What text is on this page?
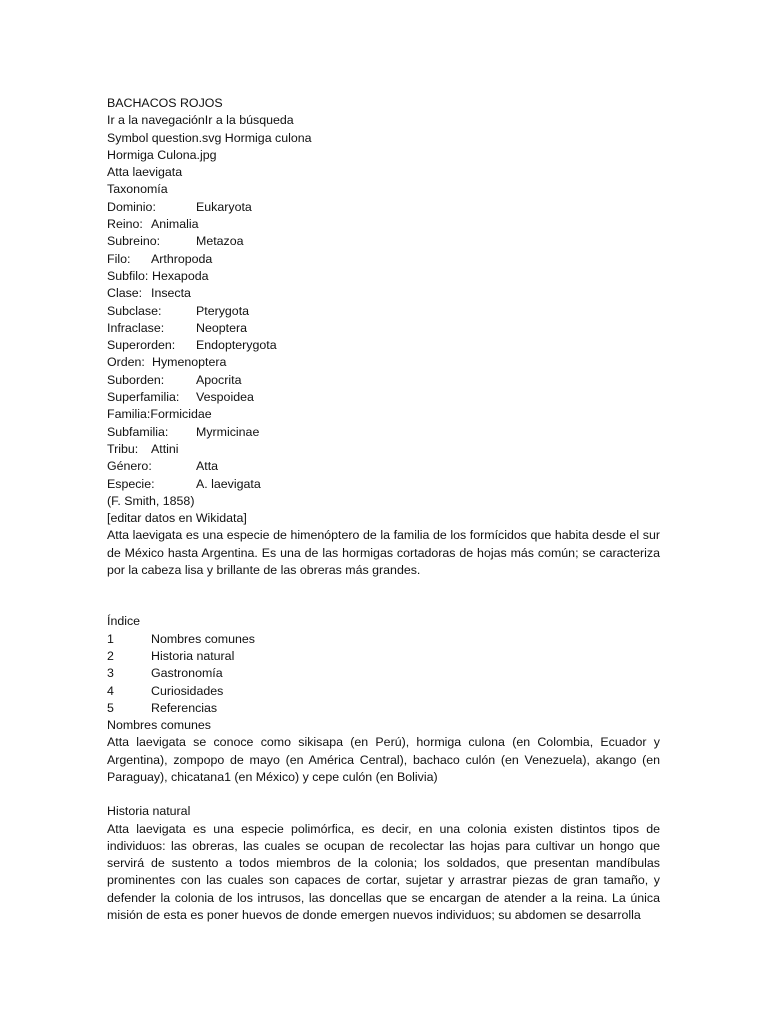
BACHACOS ROJOS
Ir a la navegaciónIr a la búsqueda
Symbol question.svg Hormiga culona
Hormiga Culona.jpg
Atta laevigata
Taxonomía
Dominio:	Eukaryota
Reino: Animalia
Subreino:	Metazoa
Filo:	Arthropoda
Subfilo: Hexapoda
Clase: Insecta
Subclase:	Pterygota
Infraclase:	Neoptera
Superorden:	Endopterygota
Orden: Hymenoptera
Suborden:	Apocrita
Superfamilia:	Vespoidea
Familia: Formicidae
Subfamilia:	Myrmicinae
Tribu:	Attini
Género:	Atta
Especie:	A. laevigata
(F. Smith, 1858)
[editar datos en Wikidata]
Atta laevigata es una especie de himenóptero de la familia de los formícidos que habita desde el sur de México hasta Argentina. Es una de las hormigas cortadoras de hojas más común; se caracteriza por la cabeza lisa y brillante de las obreras más grandes.
Índice
1	Nombres comunes
2	Historia natural
3	Gastronomía
4	Curiosidades
5	Referencias
Nombres comunes
Atta laevigata se conoce como sikisapa (en Perú), hormiga culona (en Colombia, Ecuador y Argentina), zompopo de mayo (en América Central), bachaco culón (en Venezuela), akango (en Paraguay), chicatana1 (en México) y cepe culón (en Bolivia)
Historia natural
Atta laevigata es una especie polimórfica, es decir, en una colonia existen distintos tipos de individuos: las obreras, las cuales se ocupan de recolectar las hojas para cultivar un hongo que servirá de sustento a todos miembros de la colonia; los soldados, que presentan mandíbulas prominentes con las cuales son capaces de cortar, sujetar y arrastrar piezas de gran tamaño, y defender la colonia de los intrusos, las doncellas que se encargan de atender a la reina. La única misión de esta es poner huevos de donde emergen nuevos individuos; su abdomen se desarrolla
